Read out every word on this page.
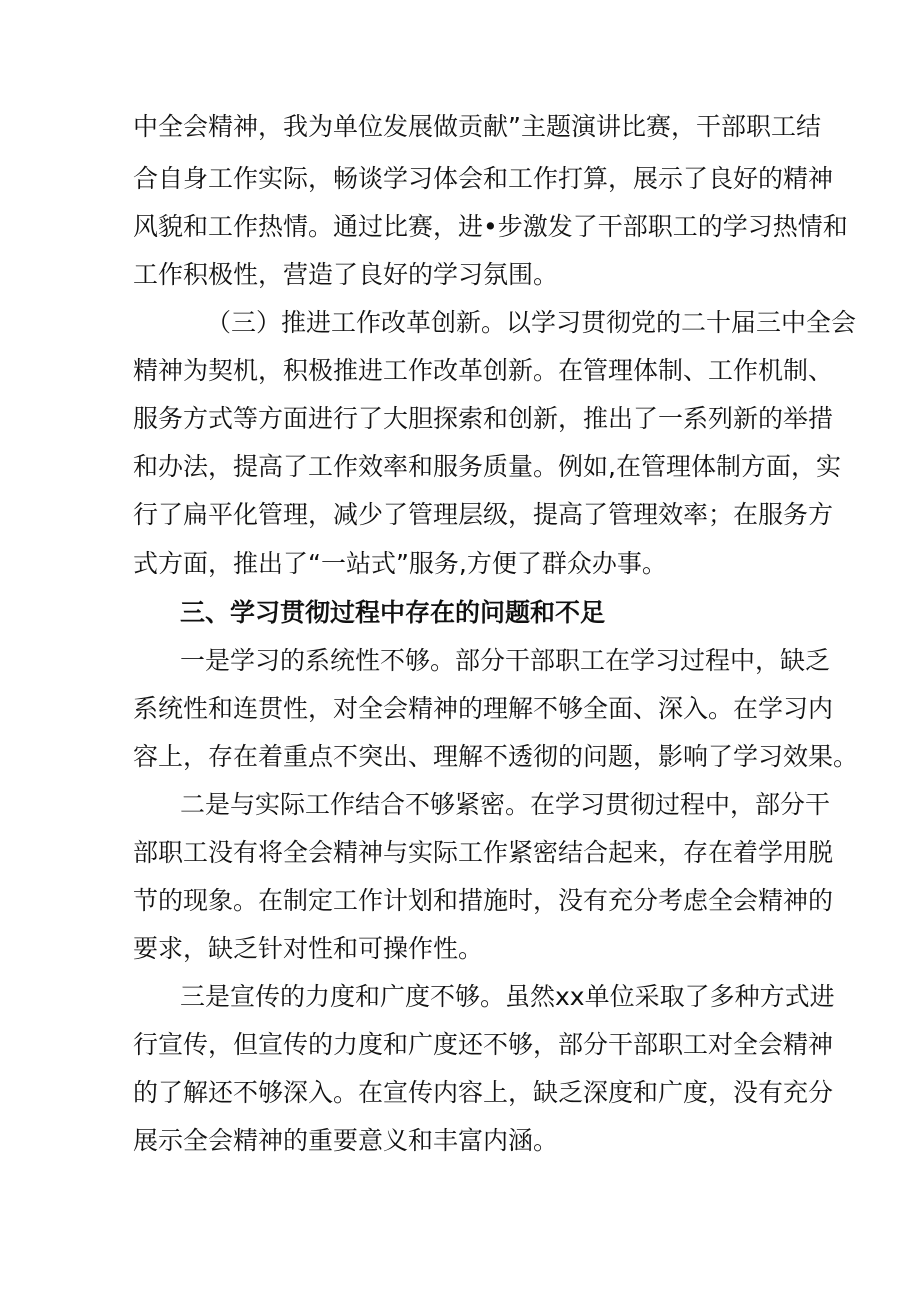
中全会精神，我为单位发展做贡献”主题演讲比赛，干部职工结
合自身工作实际，畅谈学习体会和工作打算，展示了良好的精神
风貌和工作热情。通过比赛，进•步激发了干部职工的学习热情和
工作积极性，营造了良好的学习氛围。
（三）推进工作改革创新。以学习贯彻党的二十届三中全会
精神为契机，积极推进工作改革创新。在管理体制、工作机制、
服务方式等方面进行了大胆探索和创新，推出了一系列新的举措
和办法，提高了工作效率和服务质量。例如,在管理体制方面，实
行了扁平化管理，减少了管理层级，提高了管理效率；在服务方
式方面，推出了“一站式”服务,方便了群众办事。
三、学习贯彻过程中存在的问题和不足
一是学习的系统性不够。部分干部职工在学习过程中，缺乏
系统性和连贯性，对全会精神的理解不够全面、深入。在学习内
容上，存在着重点不突出、理解不透彻的问题，影响了学习效果。
二是与实际工作结合不够紧密。在学习贯彻过程中，部分干
部职工没有将全会精神与实际工作紧密结合起来，存在着学用脱
节的现象。在制定工作计划和措施时，没有充分考虑全会精神的
要求，缺乏针对性和可操作性。
三是宣传的力度和广度不够。虽然xx单位采取了多种方式进
行宣传，但宣传的力度和广度还不够，部分干部职工对全会精神
的了解还不够深入。在宣传内容上，缺乏深度和广度，没有充分
展示全会精神的重要意义和丰富内涵。
